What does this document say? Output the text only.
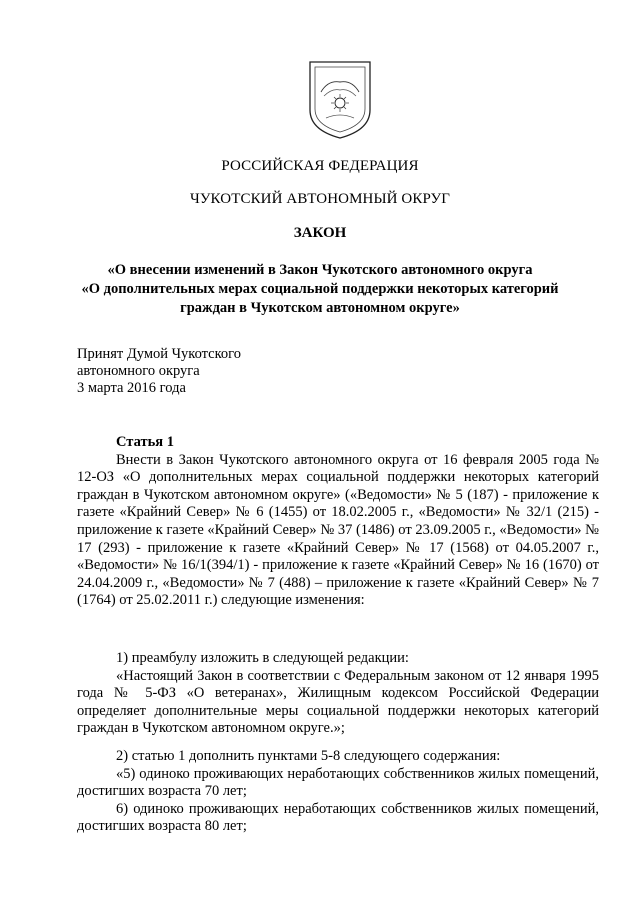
РОССИЙСКАЯ ФЕДЕРАЦИЯ
ЧУКОТСКИЙ АВТОНОМНЫЙ ОКРУГ
ЗАКОН
«О внесении изменений в Закон Чукотского автономного округа
«О дополнительных мерах социальной поддержки некоторых категорий
граждан в Чукотском автономном округе»
Принят Думой Чукотского
автономного округа
3 марта 2016 года

Статья 1

Внести в Закон Чукотского автономного округа от 16 февраля 2005 года № 12-ОЗ «О дополнительных мерах социальной поддержки некоторых категорий граждан в Чукотском автономном округе» («Ведомости» № 5 (187) - приложение к газете «Крайний Север» № 6 (1455) от 18.02.2005 г., «Ведомости» № 32/1 (215) - приложение к газете «Крайний Север» № 37 (1486) от 23.09.2005 г., «Ведомости» № 17 (293) - приложение к газете «Крайний Север» № 17 (1568) от 04.05.2007 г., «Ведомости» № 16/1(394/1) - приложение к газете «Крайний Север» № 16 (1670) от 24.04.2009 г., «Ведомости» № 7 (488) – приложение к газете «Крайний Север» № 7 (1764) от 25.02.2011 г.) следующие изменения:

1) преамбулу изложить в следующей редакции:

«Настоящий Закон в соответствии с Федеральным законом от 12 января 1995 года № 5-ФЗ «О ветеранах», Жилищным кодексом Российской Федерации определяет дополнительные меры социальной поддержки некоторых категорий граждан в Чукотском автономном округе.»;

2) статью 1 дополнить пунктами 5-8 следующего содержания:

«5) одиноко проживающих неработающих собственников жилых помещений, достигших возраста 70 лет;

6) одиноко проживающих неработающих собственников жилых помещений, достигших возраста 80 лет;
